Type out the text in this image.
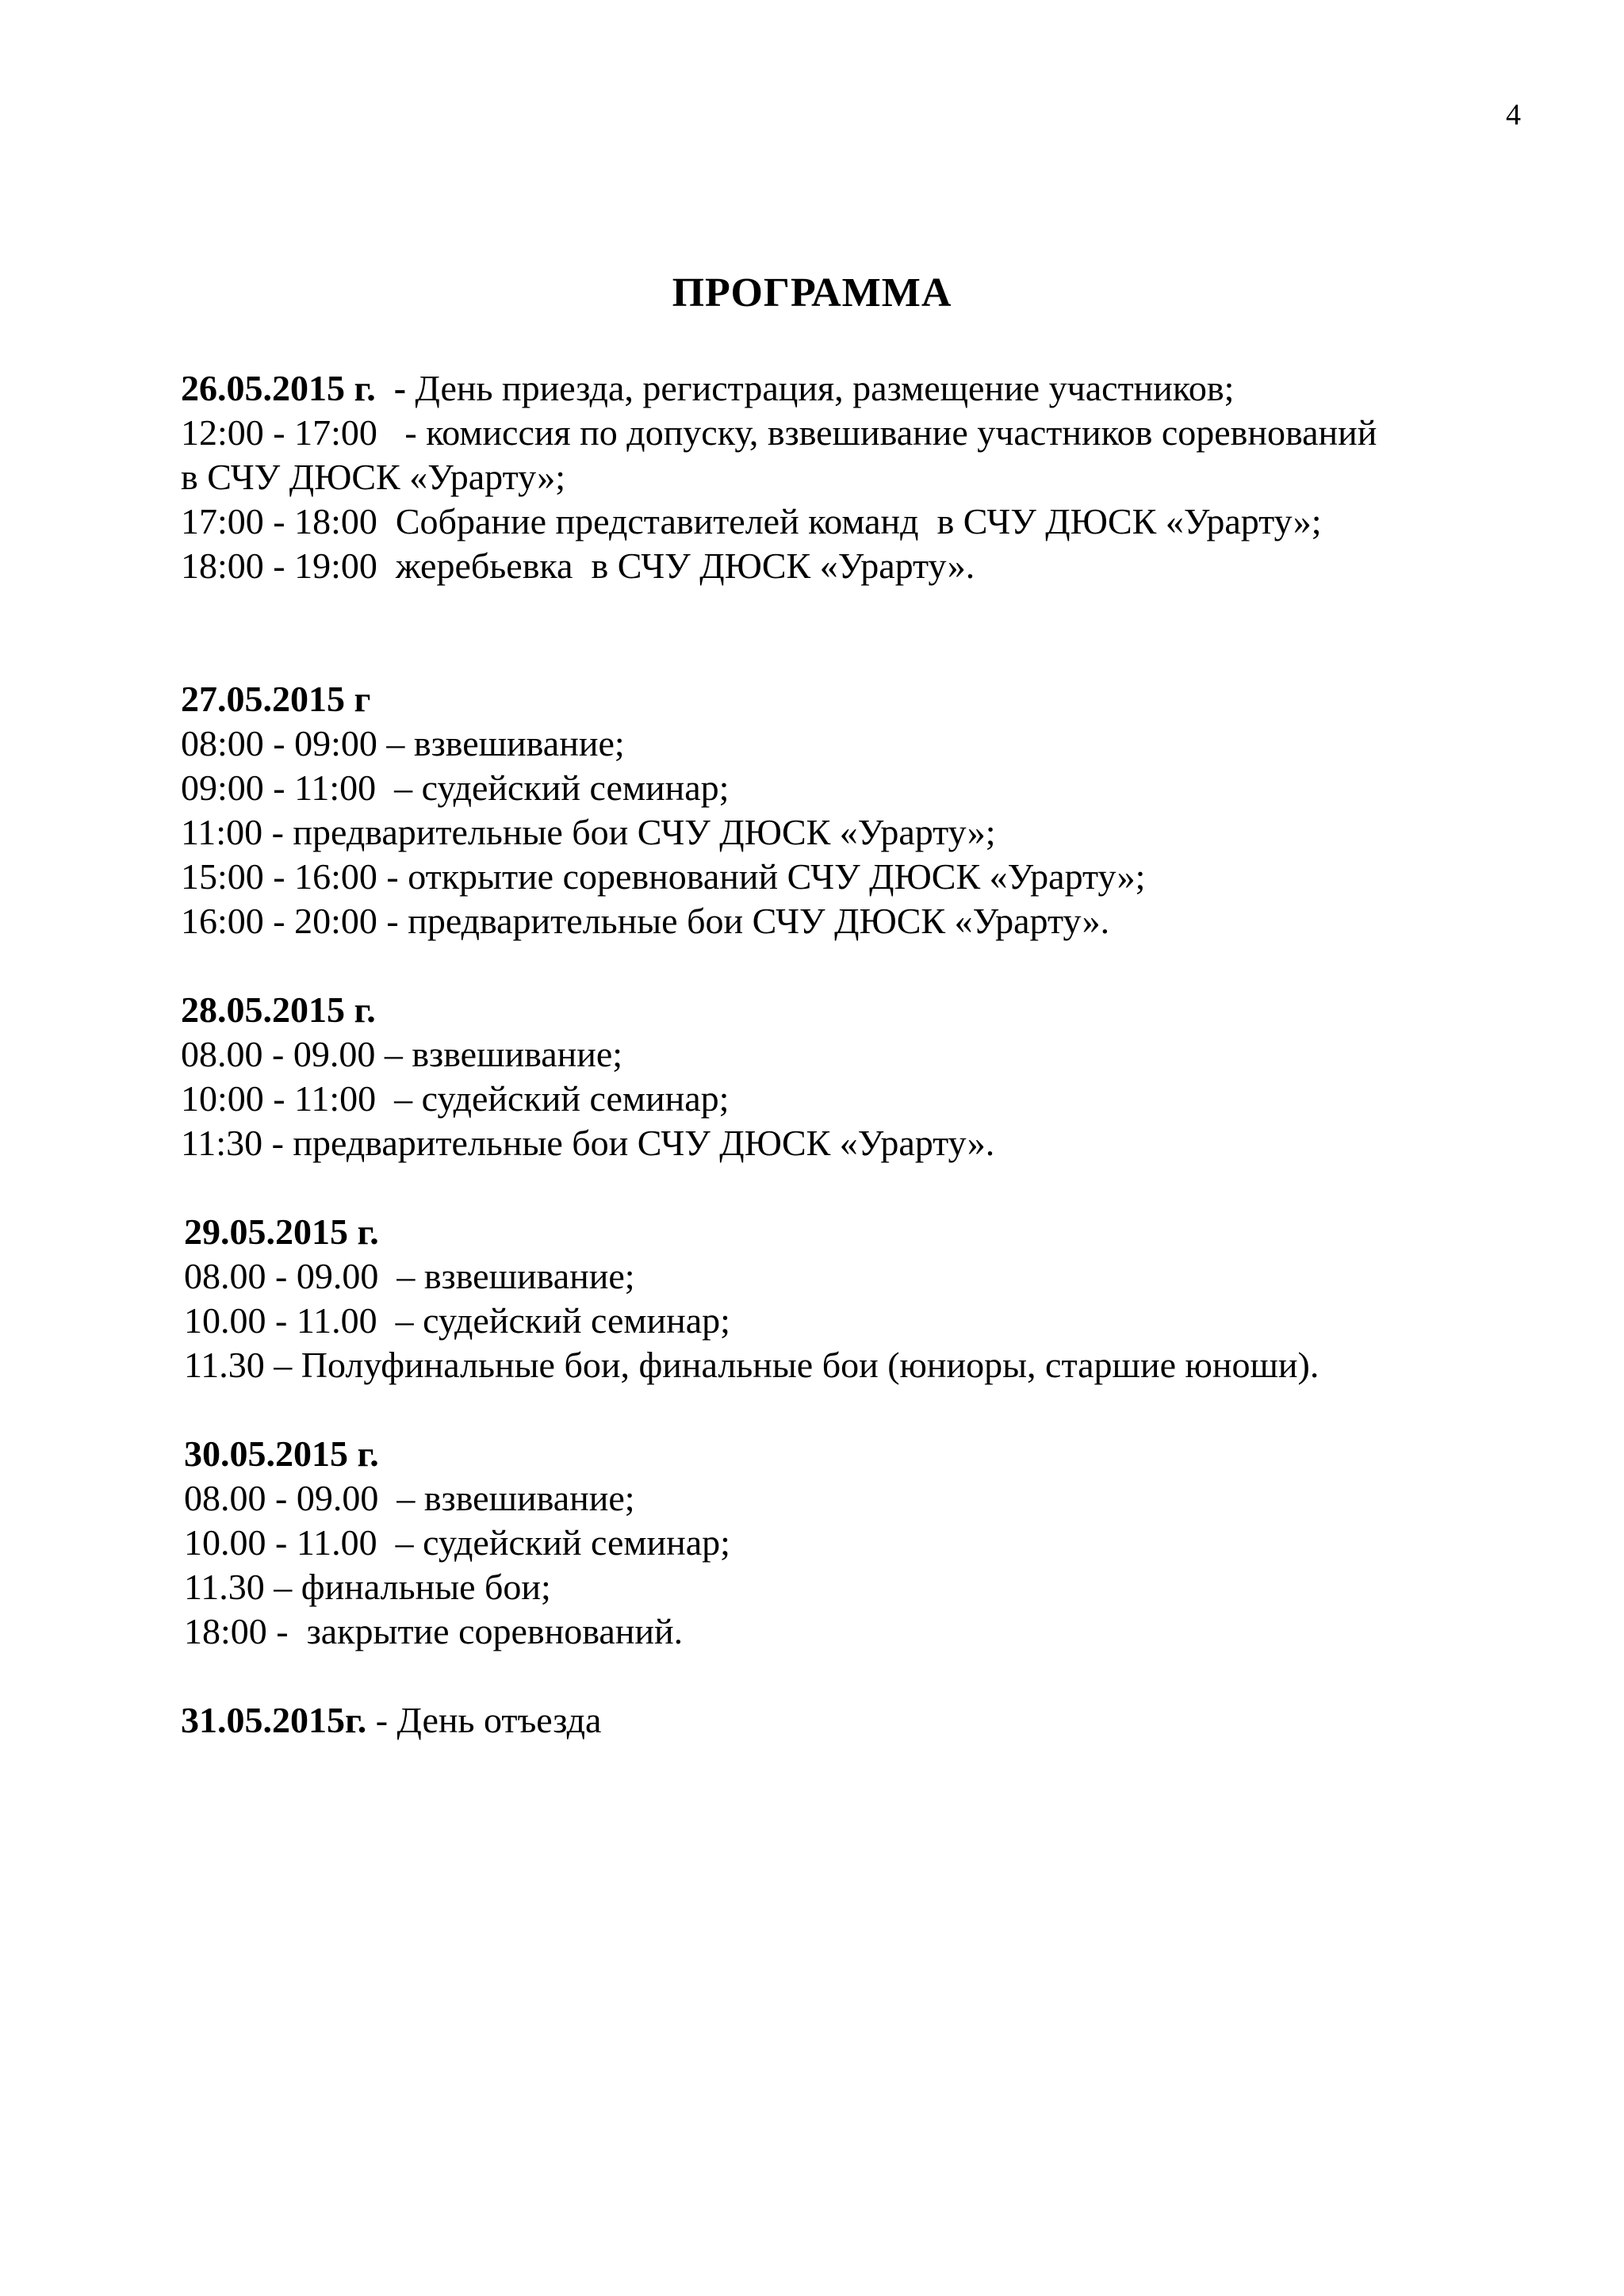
4
ПРОГРАММА

26.05.2015 г.  - День приезда, регистрация, размещение участников;

12:00 - 17:00   - комиссия по допуску, взвешивание участников соревнований

в СЧУ ДЮСК «Урарту»;

17:00 - 18:00  Собрание представителей команд  в СЧУ ДЮСК «Урарту»;

18:00 - 19:00  жеребьевка  в СЧУ ДЮСК «Урарту».

27.05.2015 г

08:00 - 09:00 – взвешивание;

09:00 - 11:00  – судейский семинар;

11:00 - предварительные бои СЧУ ДЮСК «Урарту»;

15:00 - 16:00 - открытие соревнований СЧУ ДЮСК «Урарту»;

16:00 - 20:00 - предварительные бои СЧУ ДЮСК «Урарту».

28.05.2015 г.

08.00 - 09.00 – взвешивание;

10:00 - 11:00  – судейский семинар;

11:30 - предварительные бои СЧУ ДЮСК «Урарту».

29.05.2015 г.

08.00 - 09.00  – взвешивание;

10.00 - 11.00  – судейский семинар;

11.30 – Полуфинальные бои, финальные бои (юниоры, старшие юноши).

30.05.2015 г.

08.00 - 09.00  – взвешивание;

10.00 - 11.00  – судейский семинар;

11.30 – финальные бои;

18:00 -  закрытие соревнований.

31.05.2015г. - День отъезда
